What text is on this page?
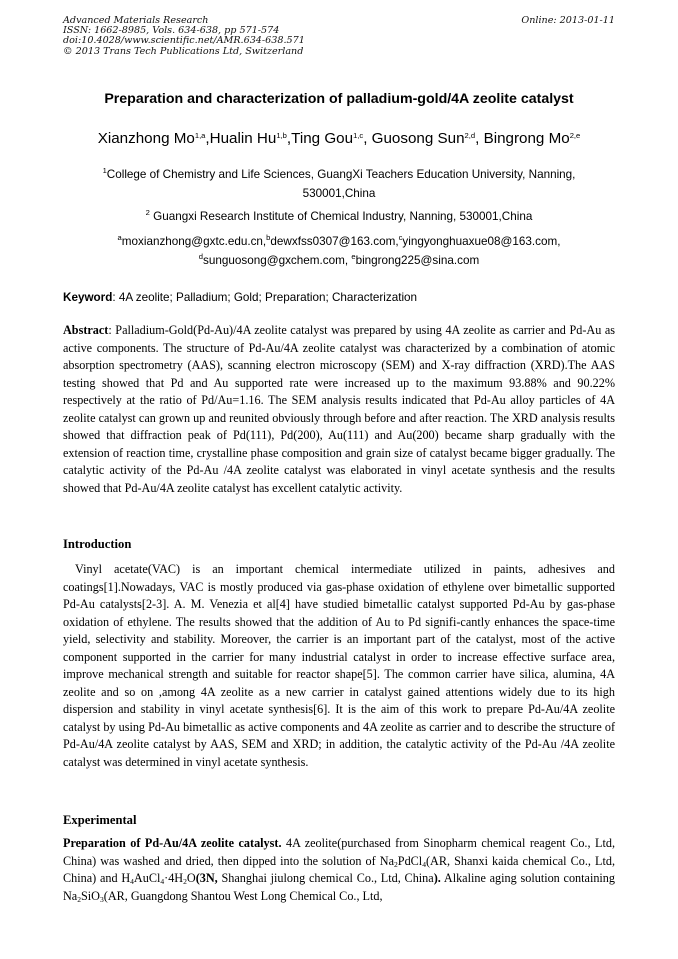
Advanced Materials Research
ISSN: 1662-8985, Vols. 634-638, pp 571-574
doi:10.4028/www.scientific.net/AMR.634-638.571
© 2013 Trans Tech Publications Ltd, Switzerland
Online: 2013-01-11
Preparation and characterization of palladium-gold/4A zeolite catalyst
Xianzhong Mo$^{1,a}$,Hualin Hu$^{1,b}$,Ting Gou$^{1,c}$, Guosong Sun$^{2,d}$, Bingrong Mo$^{2,e}$
$^1$College of Chemistry and Life Sciences, GuangXi Teachers Education University, Nanning, 530001,China
$^2$ Guangxi Research Institute of Chemical Industry, Nanning, 530001,China
$^a$moxianzhong@gxtc.edu.cn,$^b$dewxfss0307@163.com,$^c$yingyonghuaxue08@163.com,
$^d$sunguosong@gxchem.com, $^e$bingrong225@sina.com
Keyword: 4A zeolite; Palladium; Gold; Preparation; Characterization
Abstract: Palladium-Gold(Pd-Au)/4A zeolite catalyst was prepared by using 4A zeolite as carrier and Pd-Au as active components. The structure of Pd-Au/4A zeolite catalyst was characterized by a combination of atomic absorption spectrometry (AAS), scanning electron microscopy (SEM) and X-ray diffraction (XRD).The AAS testing showed that Pd and Au supported rate were increased up to the maximum 93.88% and 90.22% respectively at the ratio of Pd/Au=1.16. The SEM analysis results indicated that Pd-Au alloy particles of 4A zeolite catalyst can grown up and reunited obviously through before and after reaction. The XRD analysis results showed that diffraction peak of Pd(111), Pd(200), Au(111) and Au(200) became sharp gradually with the extension of reaction time, crystalline phase composition and grain size of catalyst became bigger gradually. The catalytic activity of the Pd-Au /4A zeolite catalyst was elaborated in vinyl acetate synthesis and the results showed that Pd-Au/4A zeolite catalyst has excellent catalytic activity.
Introduction
Vinyl acetate(VAC) is an important chemical intermediate utilized in paints, adhesives and coatings[1].Nowadays, VAC is mostly produced via gas-phase oxidation of ethylene over bimetallic supported Pd-Au catalysts[2-3]. A. M. Venezia et al[4] have studied bimetallic catalyst supported Pd-Au by gas-phase oxidation of ethylene. The results showed that the addition of Au to Pd signifi-cantly enhances the space-time yield, selectivity and stability. Moreover, the carrier is an important part of the catalyst, most of the active component supported in the carrier for many industrial catalyst in order to increase effective surface area, improve mechanical strength and suitable for reactor shape[5]. The common carrier have silica, alumina, 4A zeolite and so on ,among 4A zeolite as a new carrier in catalyst gained attentions widely due to its high dispersion and stability in vinyl acetate synthesis[6]. It is the aim of this work to prepare Pd-Au/4A zeolite catalyst by using Pd-Au bimetallic as active components and 4A zeolite as carrier and to describe the structure of Pd-Au/4A zeolite catalyst by AAS, SEM and XRD; in addition, the catalytic activity of the Pd-Au /4A zeolite catalyst was determined in vinyl acetate synthesis.
Experimental
Preparation of Pd-Au/4A zeolite catalyst. 4A zeolite(purchased from Sinopharm chemical reagent Co., Ltd, China) was washed and dried, then dipped into the solution of $Na_2PdCl_4(AR$, Shanxi kaida chemical Co., Ltd, China) and $H_4AuCl_4\cdot 4H_2O(3N$, Shanghai jiulong chemical Co., Ltd, China). Alkaline aging solution containing $Na_2SiO_3(AR$, Guangdong Shantou West Long Chemical Co., Ltd,
